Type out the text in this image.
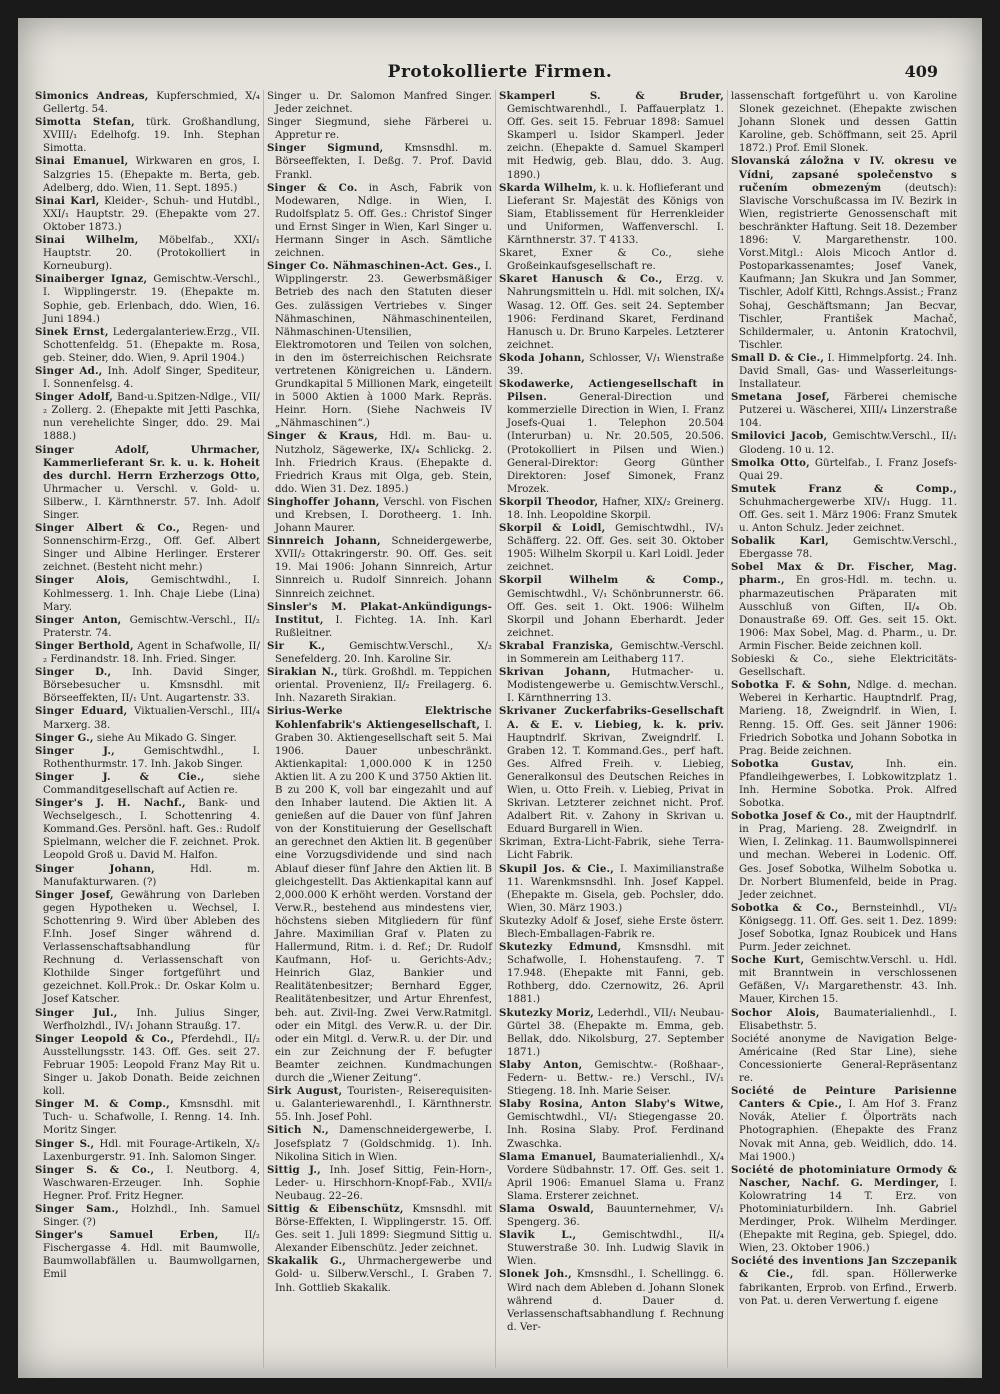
Protokollierte Firmen.	409

Simonics Andreas, Kupferschmied, X/₄ Gellertg. 54.

Simotta Stefan, türk. Großhandlung, XVIII/₁ Edelhofg. 19. Inh. Stephan Simotta.

Sinai Emanuel, Wirkwaren en gros, I. Salzgries 15. (Ehepakte m. Berta, geb. Adelberg, ddo. Wien, 11. Sept. 1895.)

Sinai Karl, Kleider-, Schuh- und Hutdbl., XXI/₁ Hauptstr. 29. (Ehepakte vom 27. Oktober 1873.)

Sinai Wilhelm, Möbelfab., XXI/₁ Hauptstr. 20. (Protokolliert in Korneuburg).

Sinaiberger Ignaz, Gemischtw.-Verschl., I. Wipplingerstr. 19. (Ehepakte m. Sophie, geb. Erlenbach, ddo. Wien, 16. Juni 1894.)

Sinek Ernst, Ledergalanteriew.Erzg., VII. Schottenfeldg. 51. (Ehepakte m. Rosa, geb. Steiner, ddo. Wien, 9. April 1904.)

Singer Ad., Inh. Adolf Singer, Spediteur, I. Sonnenfelsg. 4.

Singer Adolf, Band-u.Spitzen-Ndlge., VII/₂ Zollerg. 2. (Ehepakte mit Jetti Paschka, nun verehelichte Singer, ddo. 29. Mai 1888.)

Singer Adolf, Uhrmacher, Kammerlieferant Sr. k. u. k. Hoheit des durchl. Herrn Erzherzogs Otto, Uhrmacher u. Verschl. v. Gold- u. Silberw., I. Kärnthnerstr. 57. Inh. Adolf Singer.

Singer Albert & Co., Regen- und Sonnenschirm-Erzg., Off. Gef. Albert Singer und Albine Herlinger. Ersterer zeichnet. (Besteht nicht mehr.)

Singer Alois, Gemischtwdhl., I. Kohlmesserg. 1. Inh. Chaje Liebe (Lina) Mary.

Singer Anton, Gemischtw.-Verschl., II/₂ Praterstr. 74.

Singer Berthold, Agent in Schafwolle, II/₂ Ferdinandstr. 18. Inh. Fried. Singer.

Singer D., Inh. David Singer, Börsebesucher u. Kmsnsdhl. mit Börseeffekten, II/₁ Unt. Augartenstr. 33.

Singer Eduard, Viktualien-Verschl., III/₄ Marxerg. 38.

Singer G., siehe Au Mikado G. Singer.

Singer J.,	Gemischtwdhl., I. Rothenthurmstr. 17. Inh. Jakob Singer.

Singer J. & Cie.,	siehe Commanditgesellschaft auf Actien re.

Singer's J. H. Nachf., Bank- und Wechselgesch., I. Schottenring 4. Kommand.Ges. Persönl. haft. Ges.: Rudolf Spielmann, welcher die F. zeichnet. Prok. Leopold Groß u. David M. Halfon.

Singer Johann,	Hdl. m. Manufakturwaren. (?)

Singer Josef, Gewährung von Darleben gegen Hypotheken u. Wechsel, I. Schottenring 9. Wird über Ableben des F.Inh. Josef Singer während d. Verlassenschaftsabhandlung für Rechnung d. Verlassenschaft von Klothilde Singer fortgeführt und gezeichnet. Koll.Prok.: Dr. Oskar Kolm u. Josef Katscher.

Singer Jul., Inh. Julius Singer, Werfholzhdl., IV/₁ Johann Straußg. 17.

Singer Leopold & Co., Pferdehdl., II/₂ Ausstellungsstr. 143. Off. Ges. seit 27. Februar 1905: Leopold Franz May Rit u. Singer u. Jakob Donath. Beide zeichnen koll.

Singer M. & Comp., Kmsnsdhl. mit Tuch- u. Schafwolle, I. Renng. 14. Inh. Moritz Singer.

Singer S., Hdl. mit Fourage-Artikeln, X/₂ Laxenburgerstr. 91. Inh. Salomon Singer.

Singer S. & Co., I. Neutborg. 4, Waschwaren-Erzeuger. Inh. Sophie Hegner. Prof. Fritz Hegner.

Singer Sam., Holzhdl., Inh. Samuel Singer. (?)

Singer's Samuel Erben,	II/₂ Fischergasse 4. Hdl. mit Baumwolle, Baumwollabfällen u. Baumwollgarnen, Emil

Singer u. Dr. Salomon Manfred Singer. Jeder zeichnet.

Singer Siegmund, siehe Färberei u. Appretur re.

Singer Sigmund, Kmsnsdhl. m. Börseeffekten, I. Deßg. 7. Prof. David Frankl.

Singer & Co. in Asch, Fabrik von Modewaren, Ndlge. in Wien, I. Rudolfsplatz 5. Off. Ges.: Christof Singer und Ernst Singer in Wien, Karl Singer u. Hermann Singer in Asch. Sämtliche zeichnen.

Singer Co. Nähmaschinen-Act. Ges., I. Wipplingerstr. 23. Gewerbsmäßiger Betrieb des nach den Statuten dieser Ges. zulässigen Vertriebes v. Singer Nähmaschinen, Nähmaschinenteilen, Nähmaschinen-Utensilien, Elektromotoren und Teilen von solchen, in den im österreichischen Reichsrate vertretenen Königreichen u. Ländern. Grundkapital 5 Millionen Mark, eingeteilt in 5000 Aktien à 1000 Mark. Repräs. Heinr. Horn. (Siehe Nachweis IV „Nähmaschinen“.)

Singer & Kraus, Hdl. m. Bau- u. Nutzholz, Sägewerke, IX/₄ Schlickg. 2. Inh. Friedrich Kraus. (Ehepakte d. Friedrich Kraus mit Olga, geb. Stein, ddo. Wien 31. Dez. 1895.)

Singhoffer Johann, Verschl. von Fischen und Krebsen, I. Dorotheerg. 1. Inh. Johann Maurer.

Sinnreich Johann, Schneidergewerbe, XVII/₂ Ottakringerstr. 90. Off. Ges. seit 19. Mai 1906: Johann Sinnreich, Artur Sinnreich u. Rudolf Sinnreich. Johann Sinnreich zeichnet.

Sinsler's M. Plakat-Ankündigungs-Institut, I. Fichteg. 1A. Inh. Karl Rußleitner.

Sir K., Gemischtw.Verschl., X/₂ Senefelderg. 20. Inh. Karoline Sir.

Sirakian N., türk. Großhdl. m. Teppichen oriental. Provenienz, II/₂ Freilagerg. 6. Inh. Nazareth Sirakian.

Sirius-Werke Elektrische Kohlenfabrik's Aktiengesellschaft, I. Graben 30. Aktiengesellschaft seit 5. Mai 1906. Dauer unbeschränkt. Aktienkapital: 1,000.000 K in 1250 Aktien lit. A zu 200 K und 3750 Aktien lit. B zu 200 K, voll bar eingezahlt und auf den Inhaber lautend. Die Aktien lit. A genießen auf die Dauer von fünf Jahren von der Konstituierung der Gesellschaft an gerechnet den Aktien lit. B gegenüber eine Vorzugsdividende und sind nach Ablauf dieser fünf Jahre den Aktien lit. B gleichgestellt. Das Aktienkapital kann auf 2,000.000 K erhöht werden. Vorstand der Verw.R., bestehend aus mindestens vier, höchstens sieben Mitgliedern für fünf Jahre. Maximilian Graf v. Platen zu Hallermund, Ritm. i. d. Ref.; Dr. Rudolf Kaufmann, Hof- u. Gerichts-Adv.; Heinrich Glaz, Bankier und Realitätenbesitzer; Bernhard Egger, Realitätenbesitzer, und Artur Ehrenfest, beh. aut. Zivil-Ing. Zwei Verw.Ratmitgl. oder ein Mitgl. des Verw.R. u. der Dir. oder ein Mitgl. d. Verw.R. u. der Dir. und ein zur Zeichnung der F. befugter Beamter zeichnen. Kundmachungen durch die „Wiener Zeitung“.

Sirk August, Touristen-, Reiserequisiten- u. Galanteriewarenhdl., I. Kärnthnerstr. 55. Inh. Josef Pohl.

Sitich N., Damenschneidergewerbe, I. Josefsplatz 7 (Goldschmidg. 1). Inh. Nikolina Sitich in Wien.

Sittig J., Inh. Josef Sittig, Fein-Horn-, Leder- u. Hirschhorn-Knopf-Fab., XVII/₂ Neubaug. 22–26.

Sittig & Eibenschütz, Kmsnsdhl. mit Börse-Effekten, I. Wipplingerstr. 15. Off. Ges. seit 1. Juli 1899: Siegmund Sittig u. Alexander Eibenschütz. Jeder zeichnet.

Skakalik G., Uhrmachergewerbe und Gold- u. Silberw.Verschl., I. Graben 7. Inh. Gottlieb Skakalik.

Skamperl S. & Bruder, Gemischtwarenhdl., I. Paffauerplatz 1. Off. Ges. seit 15. Februar 1898: Samuel Skamperl u. Isidor Skamperl. Jeder zeichn. (Ehepakte d. Samuel Skamperl mit Hedwig, geb. Blau, ddo. 3. Aug. 1890.)

Skarda Wilhelm, k. u. k. Hoflieferant und Lieferant Sr. Majestät des Königs von Siam, Etablissement für Herrenkleider und Uniformen, Waffenverschl. I. Kärnthnerstr. 37. T 4133.

Skaret, Exner & Co., siehe Großeinkaufsgesellschaft re.

Skaret Hanusch & Co., Erzg. v. Nahrungsmitteln u. Hdl. mit solchen, IX/₄ Wasag. 12. Off. Ges. seit 24. September 1906: Ferdinand Skaret, Ferdinand Hanusch u. Dr. Bruno Karpeles. Letzterer zeichnet.

Skoda Johann, Schlosser, V/₁ Wienstraße 39.

Skodawerke, Actiengesellschaft in Pilsen.	General-Direction und kommerzielle Direction in Wien, I. Franz Josefs-Quai 1. Telephon 20.504 (Interurban) u. Nr. 20.505, 20.506. (Protokolliert in Pilsen und Wien.) General-Direktor: Georg Günther Direktoren: Josef Simonek, Franz Mrozek.

Skorpil Theodor, Hafner, XIX/₂ Greinerg. 18. Inh. Leopoldine Skorpil.

Skorpil & Loidl, Gemischtwdhl., IV/₁ Schäfferg. 22. Off. Ges. seit 30. Oktober 1905: Wilhelm Skorpil u. Karl Loidl. Jeder zeichnet.

Skorpil Wilhelm & Comp., Gemischtwdhl., V/₁ Schönbrunnerstr. 66. Off. Ges. seit 1. Okt. 1906: Wilhelm Skorpil und Johann Eberhardt. Jeder zeichnet.

Skrabal Franziska, Gemischtw.-Verschl. in Sommerein am Leithaberg 117.

Skrivan Johann, Hutmacher- u. Modistengewerbe u. Gemischtw.Verschl., I. Kärnthnerring 13.

Skrivaner Zuckerfabriks-Gesellschaft A. & E. v. Liebieg, k. k. priv. Hauptndrlf. Skrivan, Zweigndrlf. I. Graben 12. T. Kommand.Ges., perf haft. Ges. Alfred Freih. v. Liebieg, Generalkonsul des Deutschen Reiches in Wien, u. Otto Freih. v. Liebieg, Privat in Skrivan. Letzterer zeichnet nicht. Prof. Adalbert Rit. v. Zahony in Skrivan u. Eduard Burgarell in Wien.

Skriman, Extra-Licht-Fabrik, siehe Terra-Licht Fabrik.

Skupil Jos. & Cie., I. Maximilianstraße 11. Warenkmsnsdhl. Inh. Josef Kappel. (Ehepakte m. Gisela, geb. Pochsler, ddo. Wien, 30. März 1903.)

Skutezky Adolf & Josef, siehe Erste österr. Blech-Emballagen-Fabrik re.

Skutezky Edmund, Kmsnsdhl. mit Schafwolle, I. Hohenstaufeng. 7. T 17.948. (Ehepakte mit Fanni, geb. Rothberg, ddo. Czernowitz, 26. April 1881.)

Skutezky Moriz, Lederhdl., VII/₁ Neubau-Gürtel 38. (Ehepakte m. Emma, geb. Bellak, ddo. Nikolsburg, 27. September 1871.)

Slaby Anton, Gemischtw.- (Roßhaar-, Federn- u. Bettw.- re.) Verschl., IV/₁ Stiegeng. 18. Inh. Marie Seiser.

Slaby Rosina, Anton Slaby's Witwe, Gemischtwdhl., VI/₁ Stiegengasse 20. Inh. Rosina Slaby. Prof. Ferdinand Zwaschka.

Slama Emanuel, Baumaterialienhdl., X/₄ Vordere Südbahnstr. 17. Off. Ges. seit 1. April 1906: Emanuel Slama u. Franz Slama. Ersterer zeichnet.

Slama Oswald, Bauunternehmer, V/₁ Spengerg. 36.

Slavik L.,	Gemischtwdhl., II/₄ Stuwerstraße 30. Inh. Ludwig Slavik in Wien.

Slonek Joh., Kmsnsdhl., I. Schellingg. 6. Wird nach dem Ableben d. Johann Slonek während d. Dauer d. Verlassenschaftsabhandlung f. Rechnung d. Ver-

lassenschaft fortgeführt u. von Karoline Slonek gezeichnet. (Ehepakte zwischen Johann Slonek und dessen Gattin Karoline, geb. Schöffmann, seit 25. April 1872.) Prof. Emil Slonek.

Slovanská záložna v IV. okresu ve Vídni, zapsané společenstvo s ručením obmezeným (deutsch): Slavische Vorschußcassa im IV. Bezirk in Wien, registrierte Genossenschaft mit beschränkter Haftung. Seit 18. Dezember 1896: V. Margarethenstr. 100. Vorst.Mitgl.: Alois Micoch Antlor d. Postoparkassenamtes; Josef Vanek, Kaufmann; Jan Skukra und Jan Sommer, Tischler, Adolf Kittl, Rchngs.Assist.; Franz Sohaj, Geschäftsmann; Jan Becvar, Tischler, František Machač, Schildermaler, u. Antonin Kratochvil, Tischler.

Small D. & Cie., I. Himmelpfortg. 24. Inh. David Small, Gas- und Wasserleitungs-Installateur.

Smetana Josef, Färberei chemische Putzerei u. Wäscherei, XIII/₄ Linzerstraße 104.

Smilovici Jacob, Gemischtw.Verschl., II/₁ Glodeng. 10 u. 12.

Smolka Otto, Gürtelfab., I. Franz Josefs-Quai 29.

Smutek Franz & Comp., Schuhmachergewerbe XIV/₁ Hugg. 11. Off. Ges. seit 1. März 1906: Franz Smutek u. Anton Schulz. Jeder zeichnet.

Sobalik Karl, Gemischtw.Verschl., Ebergasse 78.

Sobel Max & Dr. Fischer, Mag. pharm., En gros-Hdl. m. techn. u. pharmazeutischen Präparaten mit Ausschluß von Giften, II/₄ Ob. Donaustraße 69. Off. Ges. seit 15. Okt. 1906: Max Sobel, Mag. d. Pharm., u. Dr. Armin Fischer. Beide zeichnen koll.

Sobieski & Co., siehe Elektricitäts-Gesellschaft.

Sobotka F. & Sohn, Ndlge. d. mechan. Weberei in Kerhartic. Hauptndrlf. Prag, Marieng. 18, Zweigndrlf. in Wien, I. Renng. 15. Off. Ges. seit Jänner 1906: Friedrich Sobotka und Johann Sobotka in Prag. Beide zeichnen.

Sobotka Gustav,	Inh. ein. Pfandleihgewerbes, I. Lobkowitzplatz 1. Inh. Hermine Sobotka. Prok. Alfred Sobotka.

Sobotka Josef & Co., mit der Hauptndrlf. in Prag, Marieng. 28. Zweigndrlf. in Wien, I. Zelinkag. 11. Baumwollspinnerei und mechan. Weberei in Lodenic. Off. Ges. Josef Sobotka, Wilhelm Sobotka u. Dr. Norbert Blumenfeld, beide in Prag. Jeder zeichnet.

Sobotka & Co., Bernsteinhdl., VI/₂ Königsegg. 11. Off. Ges. seit 1. Dez. 1899: Josef Sobotka, Ignaz Roubicek und Hans Purm. Jeder zeichnet.

Soche Kurt, Gemischtw.Verschl. u. Hdl. mit Branntwein in verschlossenen Gefäßen, V/₁ Margarethenstr. 43. Inh. Mauer, Kirchen 15.

Sochor Alois, Baumaterialienhdl., I. Elisabethstr. 5.

Société anonyme de Navigation Belge-Américaine (Red Star Line), siehe Concessionierte General-Repräsentanz re.

Société de Peinture Parisienne Canters & Cpie., I. Am Hof 3. Franz Novák, Atelier f. Ölporträts nach Photographien. (Ehepakte des Franz Novak mit Anna, geb. Weidlich, ddo. 14. Mai 1900.)

Société de photominiature Ormody & Nascher, Nachf. G. Merdinger, I. Kolowratring 14 T. Erz. von Photominiaturbildern. Inh. Gabriel Merdinger, Prok. Wilhelm Merdinger. (Ehepakte mit Regina, geb. Spiegel, ddo. Wien, 23. Oktober 1906.)

Société des inventions Jan Szczepanik & Cie., fdl. span. Höllerwerke fabrikanten, Erprob. von Erfind., Erwerb. von Pat. u. deren Verwertung f. eigene
